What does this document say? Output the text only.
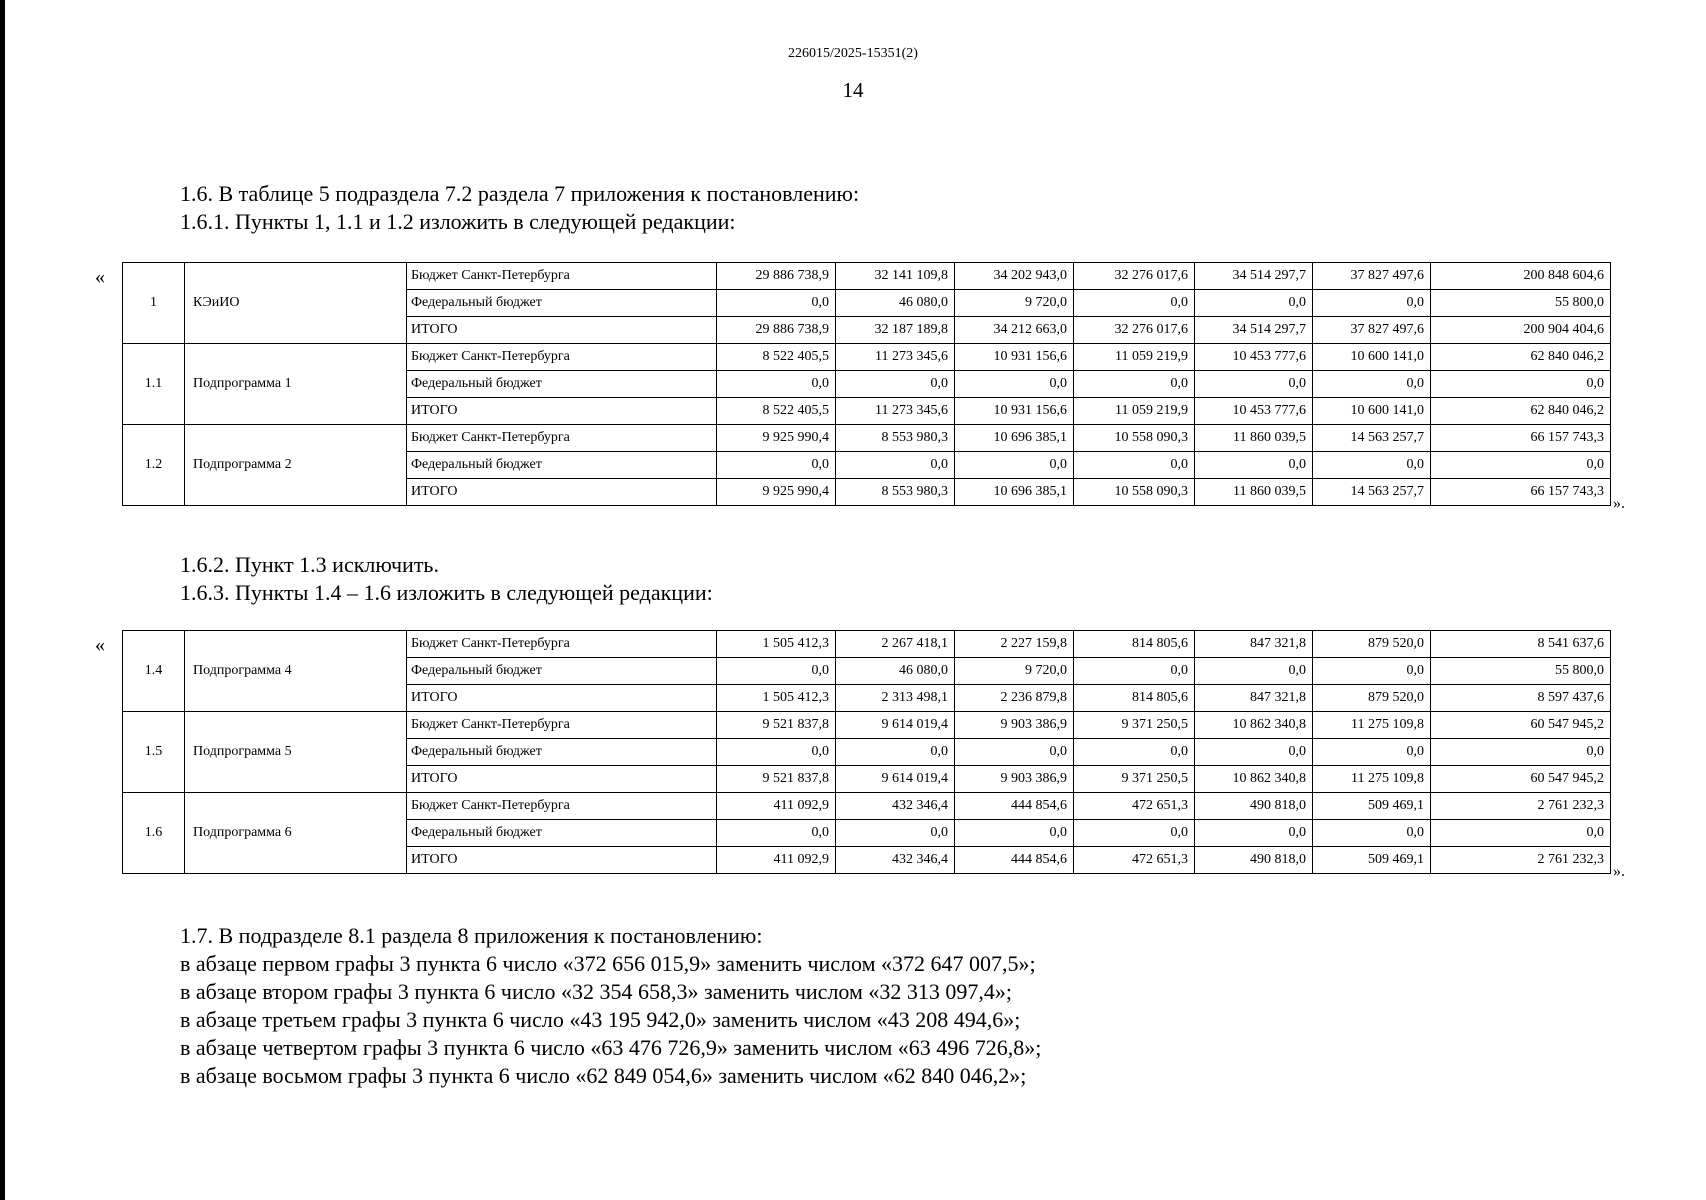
226015/2025-15351(2)
14
1.6. В таблице 5 подраздела 7.2 раздела 7 приложения к постановлению:
1.6.1. Пункты 1, 1.1 и 1.2 изложить в следующей редакции:
«
1	КЭиИО	Бюджет Санкт-Петербурга	29 886 738,9	32 141 109,8	34 202 943,0	32 276 017,6	34 514 297,7	37 827 497,6	200 848 604,6
		Федеральный бюджет	0,0	46 080,0	9 720,0	0,0	0,0	0,0	55 800,0
		ИТОГО	29 886 738,9	32 187 189,8	34 212 663,0	32 276 017,6	34 514 297,7	37 827 497,6	200 904 404,6
1.1	Подпрограмма 1	Бюджет Санкт-Петербурга	8 522 405,5	11 273 345,6	10 931 156,6	11 059 219,9	10 453 777,6	10 600 141,0	62 840 046,2
		Федеральный бюджет	0,0	0,0	0,0	0,0	0,0	0,0	0,0
		ИТОГО	8 522 405,5	11 273 345,6	10 931 156,6	11 059 219,9	10 453 777,6	10 600 141,0	62 840 046,2
1.2	Подпрограмма 2	Бюджет Санкт-Петербурга	9 925 990,4	8 553 980,3	10 696 385,1	10 558 090,3	11 860 039,5	14 563 257,7	66 157 743,3
		Федеральный бюджет	0,0	0,0	0,0	0,0	0,0	0,0	0,0
		ИТОГО	9 925 990,4	8 553 980,3	10 696 385,1	10 558 090,3	11 860 039,5	14 563 257,7	66 157 743,3
».
1.6.2. Пункт 1.3 исключить.
1.6.3. Пункты 1.4 – 1.6 изложить в следующей редакции:
«
1.4	Подпрограмма 4	Бюджет Санкт-Петербурга	1 505 412,3	2 267 418,1	2 227 159,8	814 805,6	847 321,8	879 520,0	8 541 637,6
		Федеральный бюджет	0,0	46 080,0	9 720,0	0,0	0,0	0,0	55 800,0
		ИТОГО	1 505 412,3	2 313 498,1	2 236 879,8	814 805,6	847 321,8	879 520,0	8 597 437,6
1.5	Подпрограмма 5	Бюджет Санкт-Петербурга	9 521 837,8	9 614 019,4	9 903 386,9	9 371 250,5	10 862 340,8	11 275 109,8	60 547 945,2
		Федеральный бюджет	0,0	0,0	0,0	0,0	0,0	0,0	0,0
		ИТОГО	9 521 837,8	9 614 019,4	9 903 386,9	9 371 250,5	10 862 340,8	11 275 109,8	60 547 945,2
1.6	Подпрограмма 6	Бюджет Санкт-Петербурга	411 092,9	432 346,4	444 854,6	472 651,3	490 818,0	509 469,1	2 761 232,3
		Федеральный бюджет	0,0	0,0	0,0	0,0	0,0	0,0	0,0
		ИТОГО	411 092,9	432 346,4	444 854,6	472 651,3	490 818,0	509 469,1	2 761 232,3
».
1.7. В подразделе 8.1 раздела 8 приложения к постановлению:
в абзаце первом графы 3 пункта 6 число «372 656 015,9» заменить числом «372 647 007,5»;
в абзаце втором графы 3 пункта 6 число «32 354 658,3» заменить числом «32 313 097,4»;
в абзаце третьем графы 3 пункта 6 число «43 195 942,0» заменить числом «43 208 494,6»;
в абзаце четвертом графы 3 пункта 6 число «63 476 726,9» заменить числом «63 496 726,8»;
в абзаце восьмом графы 3 пункта 6 число «62 849 054,6» заменить числом «62 840 046,2»;
